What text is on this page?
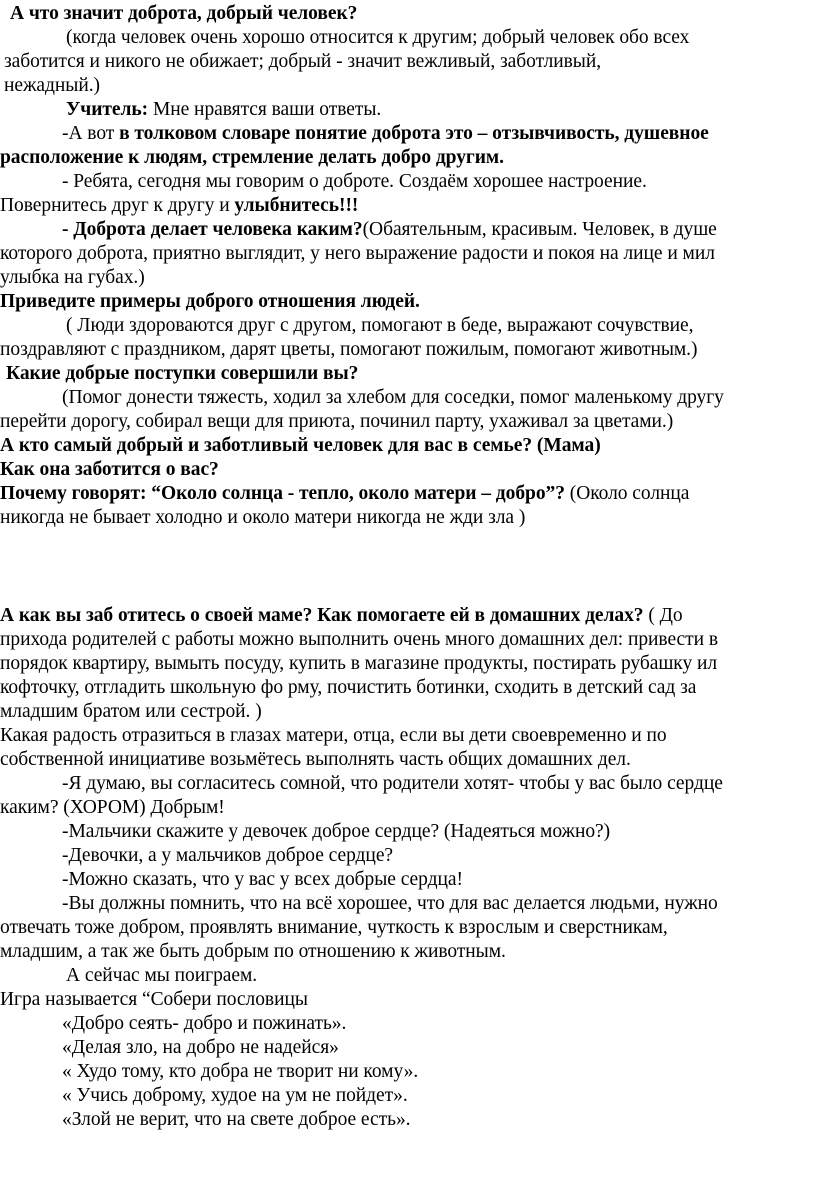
А что значит доброта, добрый человек?
(когда человек очень хорошо относится к другим; добрый человек обо всех
заботится и никого не обижает; добрый - значит вежливый, заботливый,
нежадный.)
Учитель: Мне нравятся ваши ответы.
-А вот в толковом словаре понятие доброта это – отзывчивость, душевное
расположение к людям, стремление делать добро другим.
- Ребята, сегодня мы говорим о доброте. Создаём хорошее настроение.
Повернитесь друг к другу и улыбнитесь!!!
- Доброта делает человека каким?(Обаятельным, красивым. Человек, в душе
которого доброта, приятно выглядит, у него выражение радости и покоя на лице и мил
улыбка на губах.)
Приведите примеры доброго отношения людей.
( Люди здороваются друг с другом, помогают в беде, выражают сочувствие,
поздравляют с праздником, дарят цветы, помогают пожилым, помогают животным.)
Какие добрые поступки совершили вы?
(Помог донести тяжесть, ходил за хлебом для соседки, помог маленькому другу
перейти дорогу, собирал вещи для приюта, починил парту, ухаживал за цветами.)
А кто самый добрый и заботливый человек для вас в семье? (Мама)
Как она заботится о вас?
Почему говорят: “Около солнца - тепло, около матери – добро”? (Около солнца
никогда не бывает холодно и около матери никогда не жди зла )
А как вы заб отитесь о своей маме? Как помогаете ей в домашних делах? ( До
прихода родителей с работы можно выполнить очень много домашних дел: привести в
порядок квартиру, вымыть посуду, купить в магазине продукты, постирать рубашку ил
кофточку, отгладить школьную фо рму, почистить ботинки, сходить в детский сад за
младшим братом или сестрой. )
Какая радость отразиться в глазах матери, отца, если вы дети своевременно и по
собственной инициативе возьмётесь выполнять часть общих домашних дел.
-Я думаю, вы согласитесь сомной, что родители хотят- чтобы у вас было сердце
каким? (ХОРОМ) Добрым!
-Мальчики скажите у девочек доброе сердце? (Надеяться можно?)
-Девочки, а у мальчиков доброе сердце?
-Можно сказать, что у вас у всех добрые сердца!
-Вы должны помнить, что на всё хорошее, что для вас делается людьми, нужно
отвечать тоже добром, проявлять внимание, чуткость к взрослым и сверстникам,
младшим, а так же быть добрым по отношению к животным.
А сейчас мы поиграем.
Игра называется “Собери пословицы
«Добро сеять- добро и пожинать».
«Делая зло, на добро не надейся»
« Худо тому, кто добра не творит ни кому».
« Учись доброму, худое на ум не пойдет».
«Злой не верит, что на свете доброе есть».
